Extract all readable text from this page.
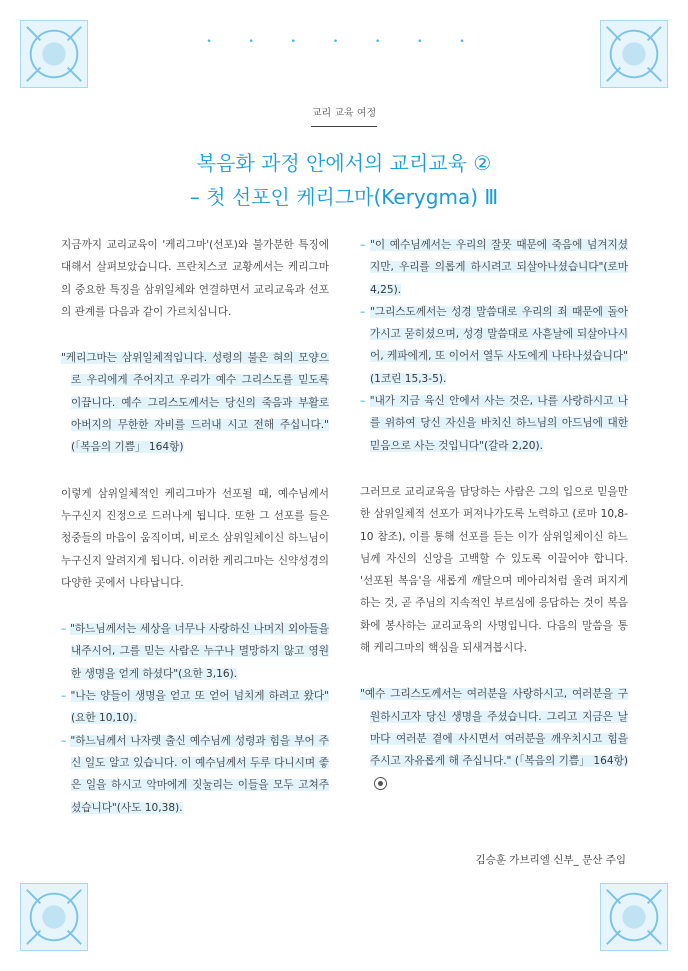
• • • • • • •
교리 교육 여정
복음화 과정 안에서의 교리교육 ②
– 첫 선포인 케리그마(Kerygma) Ⅲ

지금까지 교리교육이 '케리그마'(선포)와 불가분한 특징에 대해서 살펴보았습니다. 프란치스코 교황께서는 케리그마의 중요한 특징을 삼위일체와 연결하면서 교리교육과 선포의 관계를 다음과 같이 가르치십니다.

"케리그마는 삼위일체적입니다. 성령의 불은 혀의 모양으로 우리에게 주어지고 우리가 예수 그리스도를 믿도록 이끕니다. 예수 그리스도께서는 당신의 죽음과 부활로 아버지의 무한한 자비를 드러내 시고 전해 주십니다." (「복음의 기쁨」 164항)

이렇게 삼위일체적인 케리그마가 선포될 때, 예수님께서 누구신지 진정으로 드러나게 됩니다. 또한 그 선포를 들은 청중들의 마음이 움직이며, 비로소 삼위일체이신 하느님이 누구신지 알려지게 됩니다. 이러한 케리그마는 신약성경의 다양한 곳에서 나타납니다.

– "하느님께서는 세상을 너무나 사랑하신 나머지 외아들을 내주시어, 그를 믿는 사람은 누구나 멸망하지 않고 영원한 생명을 얻게 하셨다"(요한 3,16).

– "나는 양들이 생명을 얻고 또 얻어 넘치게 하려고 왔다"(요한 10,10).

– "하느님께서 나자렛 출신 예수님께 성령과 힘을 부어 주신 일도 알고 있습니다. 이 예수님께서 두루 다니시며 좋은 일을 하시고 악마에게 짓눌리는 이들을 모두 고쳐주셨습니다"(사도 10,38).

– "이 예수님께서는 우리의 잘못 때문에 죽음에 넘겨지셨지만, 우리를 의롭게 하시려고 되살아나셨습니다"(로마 4,25).

– "그리스도께서는 성경 말씀대로 우리의 죄 때문에 돌아가시고 묻히셨으며, 성경 말씀대로 사흗날에 되살아나시어, 케파에게, 또 이어서 열두 사도에게 나타나셨습니다"(1코린 15,3-5).

– "내가 지금 육신 안에서 사는 것은, 나를 사랑하시고 나를 위하여 당신 자신을 바치신 하느님의 아드님에 대한 믿음으로 사는 것입니다"(갈라 2,20).

그러므로 교리교육을 담당하는 사람은 그의 입으로 믿을만한 삼위일체적 선포가 퍼져나가도록 노력하고 (로마 10,8-10 참조), 이를 통해 선포를 듣는 이가 삼위일체이신 하느님께 자신의 신앙을 고백할 수 있도록 이끌어야 합니다. '선포된 복음'을 새롭게 깨달으며 메아리처럼 울려 퍼지게 하는 것, 곧 주님의 지속적인 부르심에 응답하는 것이 복음화에 봉사하는 교리교육의 사명입니다. 다음의 말씀을 통해 케리그마의 핵심을 되새겨봅시다.

"예수 그리스도께서는 여러분을 사랑하시고, 여러분을 구원하시고자 당신 생명을 주셨습니다. 그리고 지금은 날마다 여러분 곁에 사시면서 여러분을 깨우치시고 힘을 주시고 자유롭게 해 주십니다." (「복음의 기쁨」 164항)

김승훈 가브리엘 신부_ 문산 주임
